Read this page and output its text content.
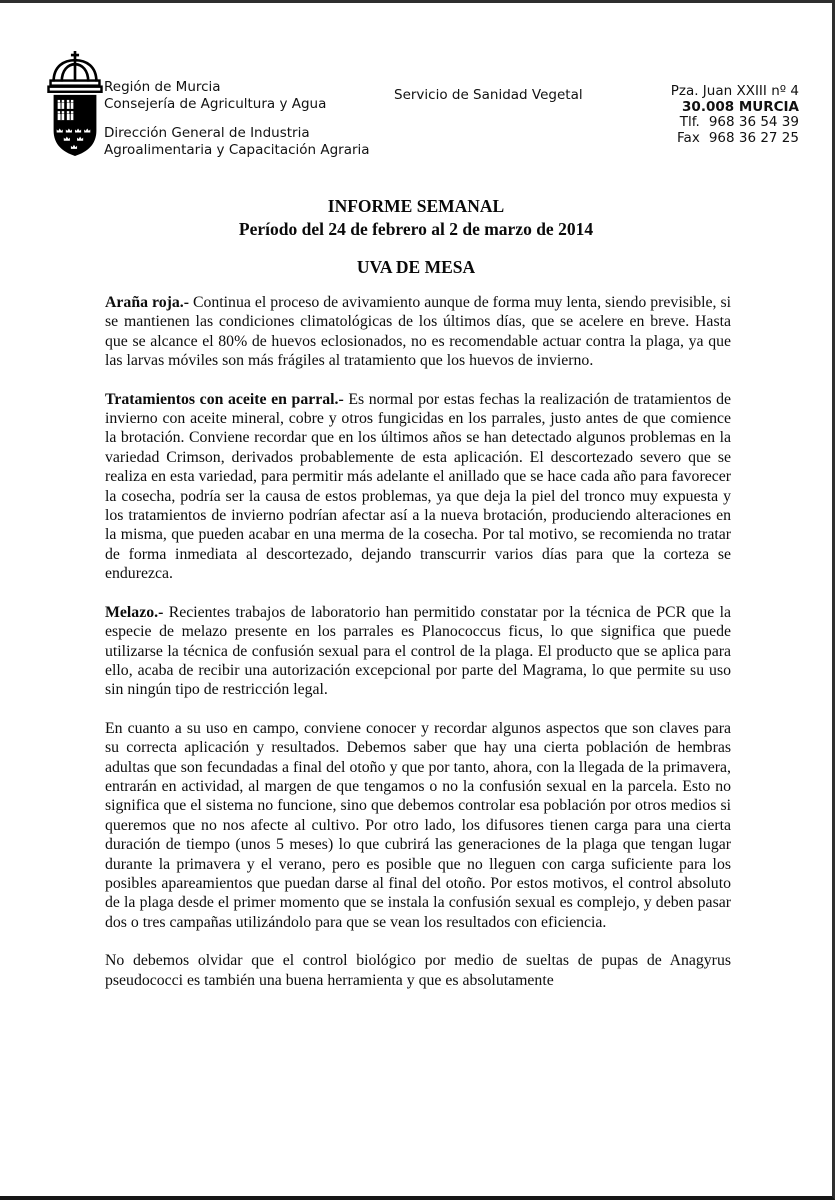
Región de Murcia
Consejería de Agricultura y Agua
Dirección General de Industria
Agroalimentaria y Capacitación Agraria
Servicio de Sanidad Vegetal	Pza. Juan XXIII nº 4
30.008 MURCIA
Tlf. 968 36 54 39
Fax 968 36 27 25
INFORME SEMANAL
Período del 24 de febrero al 2 de marzo de 2014
UVA DE MESA

Araña roja.- Continua el proceso de avivamiento aunque de forma muy lenta, siendo previsible, si se mantienen las condiciones climatológicas de los últimos días, que se acelere en breve. Hasta que se alcance el 80% de huevos eclosionados, no es recomendable actuar contra la plaga, ya que las larvas móviles son más frágiles al tratamiento que los huevos de invierno.

Tratamientos con aceite en parral.- Es normal por estas fechas la realización de tratamientos de invierno con aceite mineral, cobre y otros fungicidas en los parrales, justo antes de que comience la brotación. Conviene recordar que en los últimos años se han detectado algunos problemas en la variedad Crimson, derivados probablemente de esta aplicación. El descortezado severo que se realiza en esta variedad, para permitir más adelante el anillado que se hace cada año para favorecer la cosecha, podría ser la causa de estos problemas, ya que deja la piel del tronco muy expuesta y los tratamientos de invierno podrían afectar así a la nueva brotación, produciendo alteraciones en la misma, que pueden acabar en una merma de la cosecha. Por tal motivo, se recomienda no tratar de forma inmediata al descortezado, dejando transcurrir varios días para que la corteza se endurezca.

Melazo.- Recientes trabajos de laboratorio han permitido constatar por la técnica de PCR que la especie de melazo presente en los parrales es Planococcus ficus, lo que significa que puede utilizarse la técnica de confusión sexual para el control de la plaga. El producto que se aplica para ello, acaba de recibir una autorización excepcional por parte del Magrama, lo que permite su uso sin ningún tipo de restricción legal.

En cuanto a su uso en campo, conviene conocer y recordar algunos aspectos que son claves para su correcta aplicación y resultados. Debemos saber que hay una cierta población de hembras adultas que son fecundadas a final del otoño y que por tanto, ahora, con la llegada de la primavera, entrarán en actividad, al margen de que tengamos o no la confusión sexual en la parcela. Esto no significa que el sistema no funcione, sino que debemos controlar esa población por otros medios si queremos que no nos afecte al cultivo. Por otro lado, los difusores tienen carga para una cierta duración de tiempo (unos 5 meses) lo que cubrirá las generaciones de la plaga que tengan lugar durante la primavera y el verano, pero es posible que no lleguen con carga suficiente para los posibles apareamientos que puedan darse al final del otoño. Por estos motivos, el control absoluto de la plaga desde el primer momento que se instala la confusión sexual es complejo, y deben pasar dos o tres campañas utilizándolo para que se vean los resultados con eficiencia.

No debemos olvidar que el control biológico por medio de sueltas de pupas de Anagyrus pseudococci es también una buena herramienta y que es absolutamente
